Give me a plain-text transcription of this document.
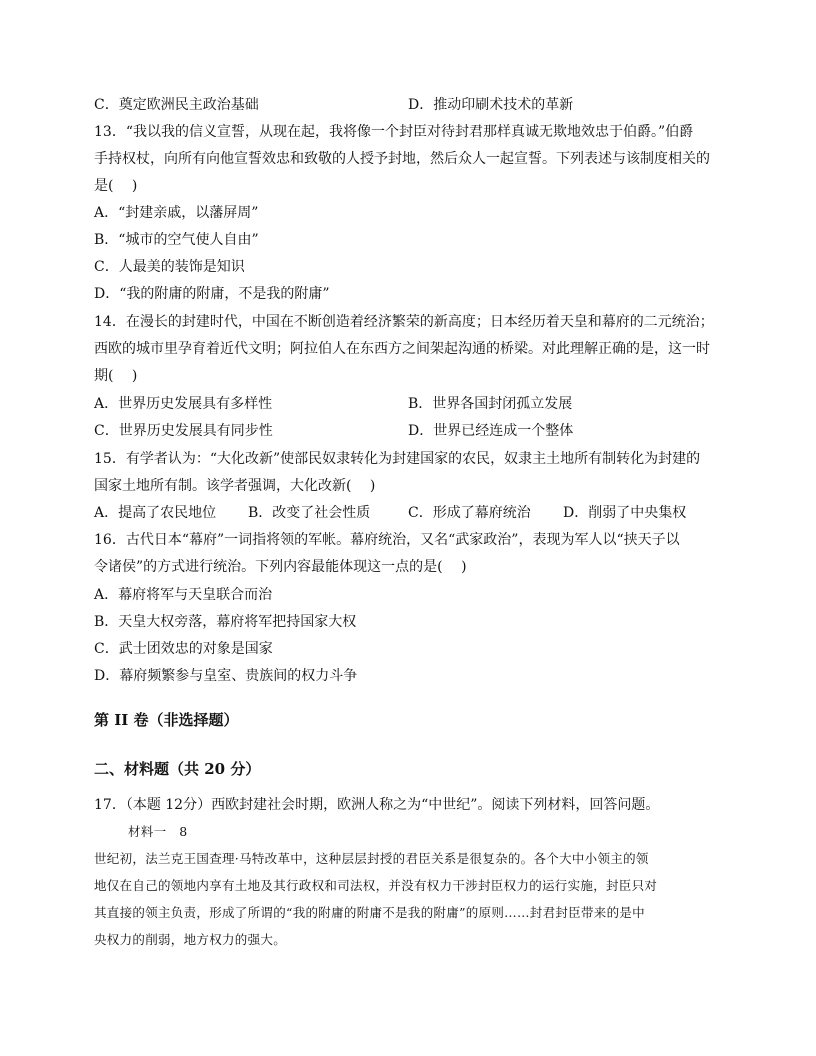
C．奠定欧洲民主政治基础	D．推动印刷术技术的革新
13．“我以我的信义宣誓，从现在起，我将像一个封臣对待封君那样真诚无欺地效忠于伯爵。”伯爵
手持权杖，向所有向他宣誓效忠和致敬的人授予封地，然后众人一起宣誓。下列表述与该制度相关的
是(　 )
A．“封建亲戚，以藩屏周”
B．“城市的空气使人自由”
C．人最美的装饰是知识
D．“我的附庸的附庸，不是我的附庸”
14．在漫长的封建时代，中国在不断创造着经济繁荣的新高度；日本经历着天皇和幕府的二元统治；
西欧的城市里孕育着近代文明；阿拉伯人在东西方之间架起沟通的桥梁。对此理解正确的是，这一时
期(　 )
A．世界历史发展具有多样性	B．世界各国封闭孤立发展
C．世界历史发展具有同步性	D．世界已经连成一个整体
15．有学者认为：“大化改新”使部民奴隶转化为封建国家的农民，奴隶主土地所有制转化为封建的
国家土地所有制。该学者强调，大化改新(　 )
A．提高了农民地位 B．改变了社会性质	C．形成了幕府统治 D．削弱了中央集权
16．古代日本“幕府”一词指将领的军帐。幕府统治，又名“武家政治”，表现为军人以“挟天子以
令诸侯”的方式进行统治。下列内容最能体现这一点的是(　 )
A．幕府将军与天皇联合而治
B．天皇大权旁落，幕府将军把持国家大权
C．武士团效忠的对象是国家
D．幕府频繁参与皇室、贵族间的权力斗争
第 II 卷（非选择题）
二、材料题（共 20 分）
17．（本题 12分）西欧封建社会时期，欧洲人称之为“中世纪”。阅读下列材料，回答问题。
材料一　8
世纪初，法兰克王国查理·马特改革中，这种层层封授的君臣关系是很复杂的。各个大中小领主的领
地仅在自己的领地内享有土地及其行政权和司法权，并没有权力干涉封臣权力的运行实施，封臣只对
其直接的领主负责，形成了所谓的“我的附庸的附庸不是我的附庸”的原则……封君封臣带来的是中
央权力的削弱，地方权力的强大。
